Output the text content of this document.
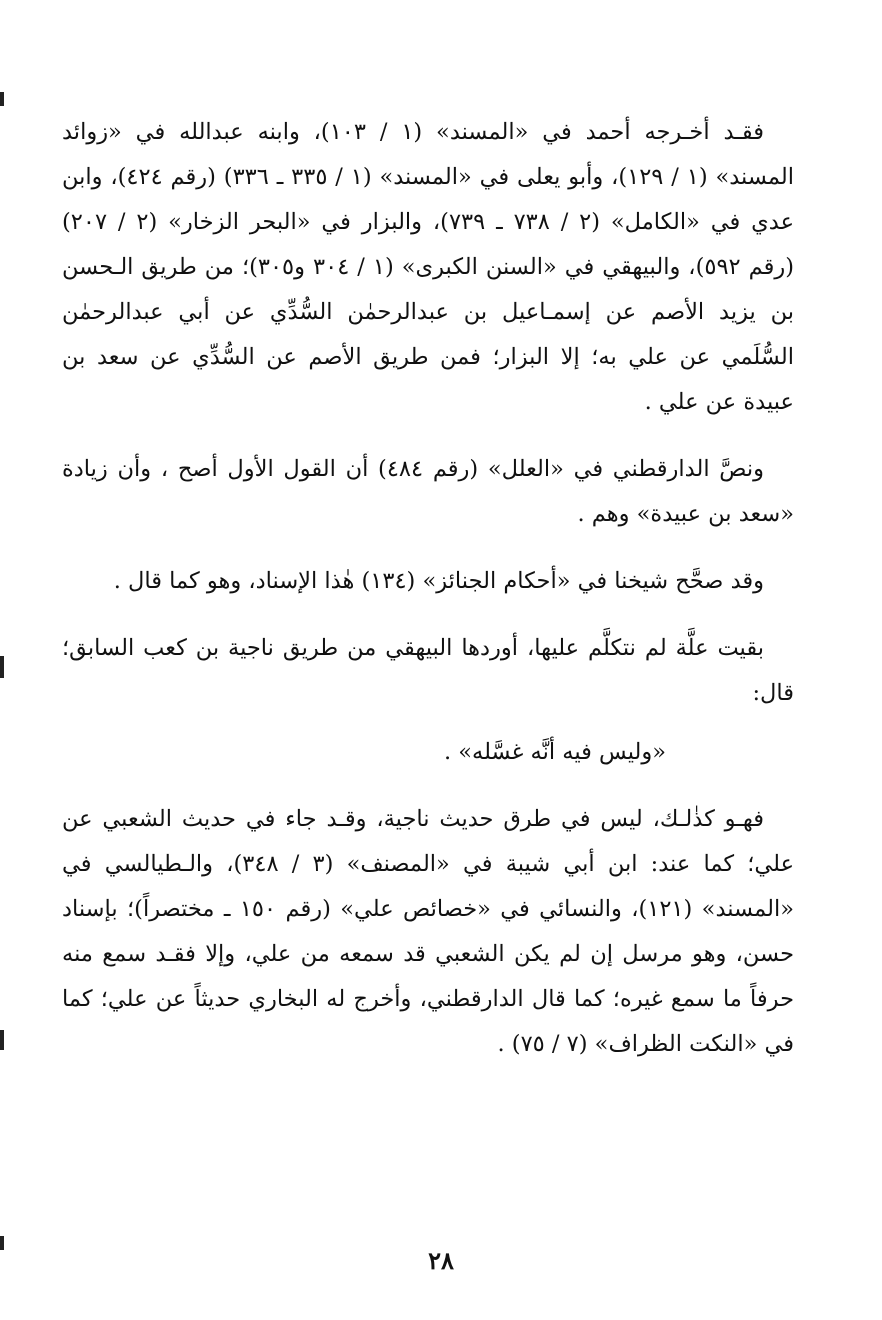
فقـد أخـرجه أحمد في «المسند» (١ / ١٠٣)، وابنه عبدالله في «زوائد المسند» (١ / ١٢٩)، وأبو يعلى في «المسند» (١ / ٣٣٥ ـ ٣٣٦) (رقم ٤٢٤)، وابن عدي في «الكامل» (٢ / ٧٣٨ ـ ٧٣٩)، والبزار في «البحر الزخار» (٢ / ٢٠٧) (رقم ٥٩٢)، والبيهقي في «السنن الكبرى» (١ / ٣٠٤ و٣٠٥)؛ من طريق الـحسن بن يزيد الأصم عن إسمـاعيل بن عبدالرحمٰن السُّدِّي عن أبي عبدالرحمٰن السُّلَمي عن علي به؛ إلا البزار؛ فمن طريق الأصم عن السُّدِّي عن سعد بن عبيدة عن علي .

ونصَّ الدارقطني في «العلل» (رقم ٤٨٤) أن القول الأول أصح ، وأن زيادة «سعد بن عبيدة» وهم .

وقد صحَّح شيخنا في «أحكام الجنائز» (١٣٤) هٰذا الإسناد، وهو كما قال .

بقيت علَّة لم نتكلَّم عليها، أوردها البيهقي من طريق ناجية بن كعب السابق؛ قال:

«وليس فيه أنَّه غسَّله» .

فهـو كذٰلـك، ليس في طرق حديث ناجية، وقـد جاء في حديث الشعبي عن علي؛ كما عند: ابن أبي شيبة في «المصنف» (٣ / ٣٤٨)، والـطيالسي في «المسند» (١٢١)، والنسائي في «خصائص علي» (رقم ١٥٠ ـ مختصراً)؛ بإسناد حسن، وهو مرسل إن لم يكن الشعبي قد سمعه من علي، وإلا فقـد سمع منه حرفاً ما سمع غيره؛ كما قال الدارقطني، وأخرج له البخاري حديثاً عن علي؛ كما في «النكت الظراف» (٧ / ٧٥) .

٢٨
